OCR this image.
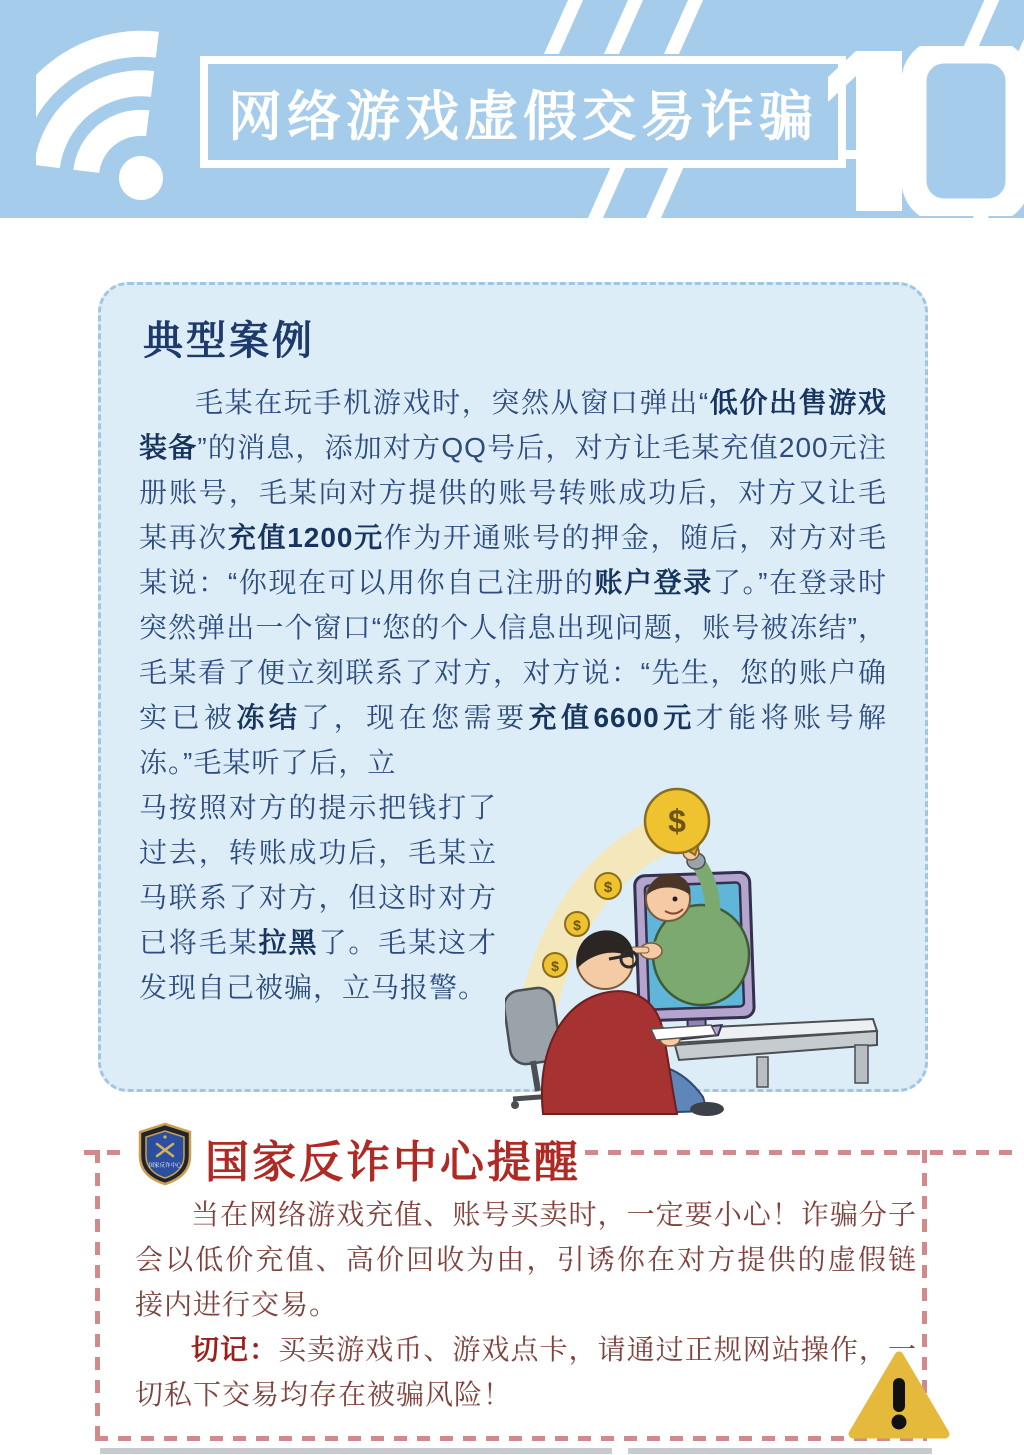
网络游戏虚假交易诈骗
典型案例

毛某在玩手机游戏时，突然从窗口弹出“低价出售游戏装备”的消息，添加对方QQ号后，对方让毛某充值200元注册账号，毛某向对方提供的账号转账成功后，对方又让毛某再次充值1200元作为开通账号的押金，随后，对方对毛某说：“你现在可以用你自己注册的账户登录了。”在登录时突然弹出一个窗口“您的个人信息出现问题，账号被冻结”，毛某看了便立刻联系了对方，对方说：“先生，您的账户确实已被冻结了，现在您需要充值6600元才能将账号解冻。”毛某听了后，立

马按照对方的提示把钱打了过去，转账成功后，毛某立马联系了对方，但这时对方已将毛某拉黑了。毛某这才发现自己被骗，立马报警。

$
$
$
$
国家反诈中心 国家反诈中心提醒

当在网络游戏充值、账号买卖时，一定要小心！诈骗分子会以低价充值、高价回收为由，引诱你在对方提供的虚假链接内进行交易。

切记：买卖游戏币、游戏点卡，请通过正规网站操作，一切私下交易均存在被骗风险！
